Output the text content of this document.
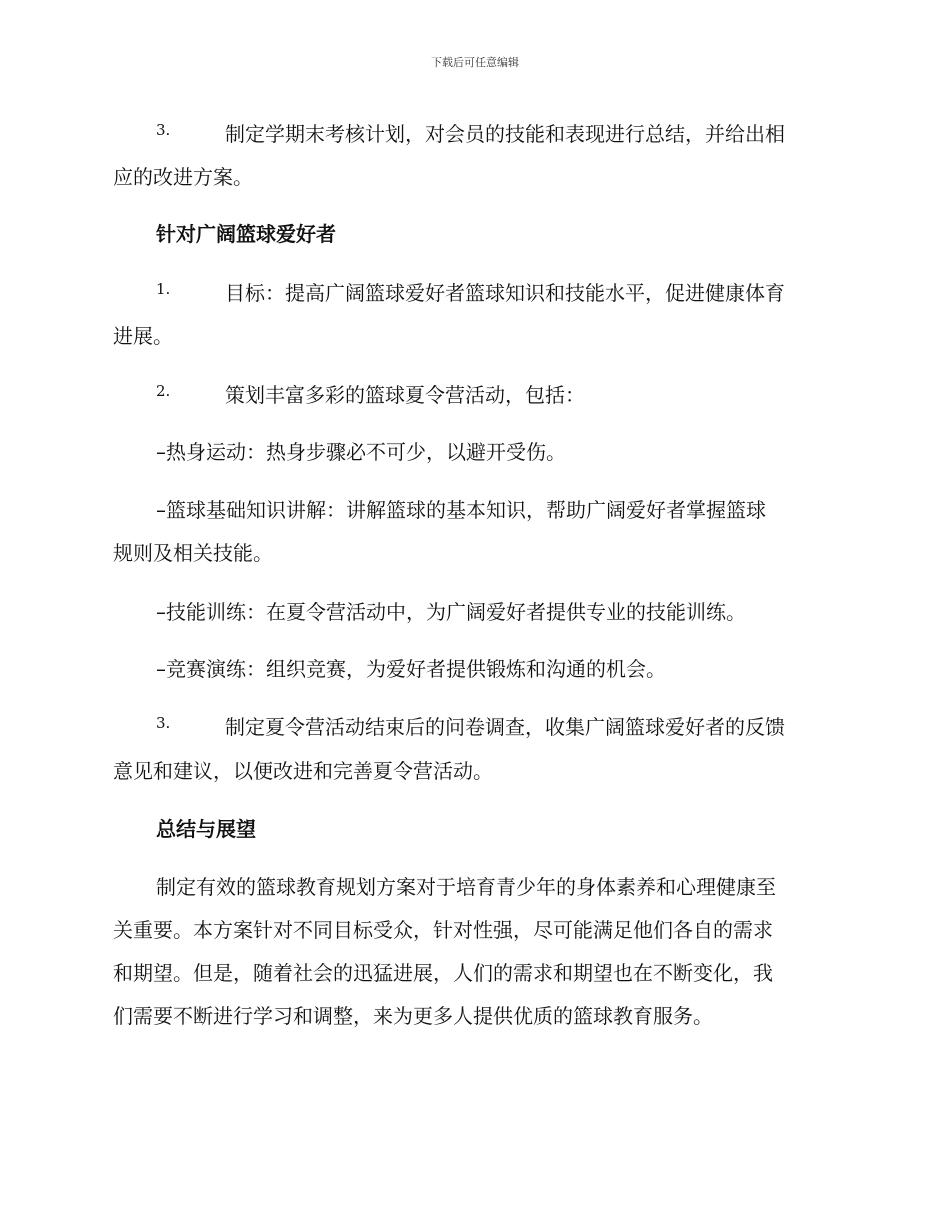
下载后可任意编辑
3.	制定学期末考核计划，对会员的技能和表现进行总结，并给出相
应的改进方案。
针对广阔篮球爱好者
1.	目标：提高广阔篮球爱好者篮球知识和技能水平，促进健康体育
进展。
2.	策划丰富多彩的篮球夏令营活动，包括：
–热身运动：热身步骤必不可少，以避开受伤。
–篮球基础知识讲解：讲解篮球的基本知识，帮助广阔爱好者掌握篮球
规则及相关技能。
–技能训练：在夏令营活动中，为广阔爱好者提供专业的技能训练。
–竞赛演练：组织竞赛，为爱好者提供锻炼和沟通的机会。
3.	制定夏令营活动结束后的问卷调查，收集广阔篮球爱好者的反馈
意见和建议，以便改进和完善夏令营活动。
总结与展望
制定有效的篮球教育规划方案对于培育青少年的身体素养和心理健康至
关重要。本方案针对不同目标受众，针对性强，尽可能满足他们各自的需求
和期望。但是，随着社会的迅猛进展，人们的需求和期望也在不断变化，我
们需要不断进行学习和调整，来为更多人提供优质的篮球教育服务。
